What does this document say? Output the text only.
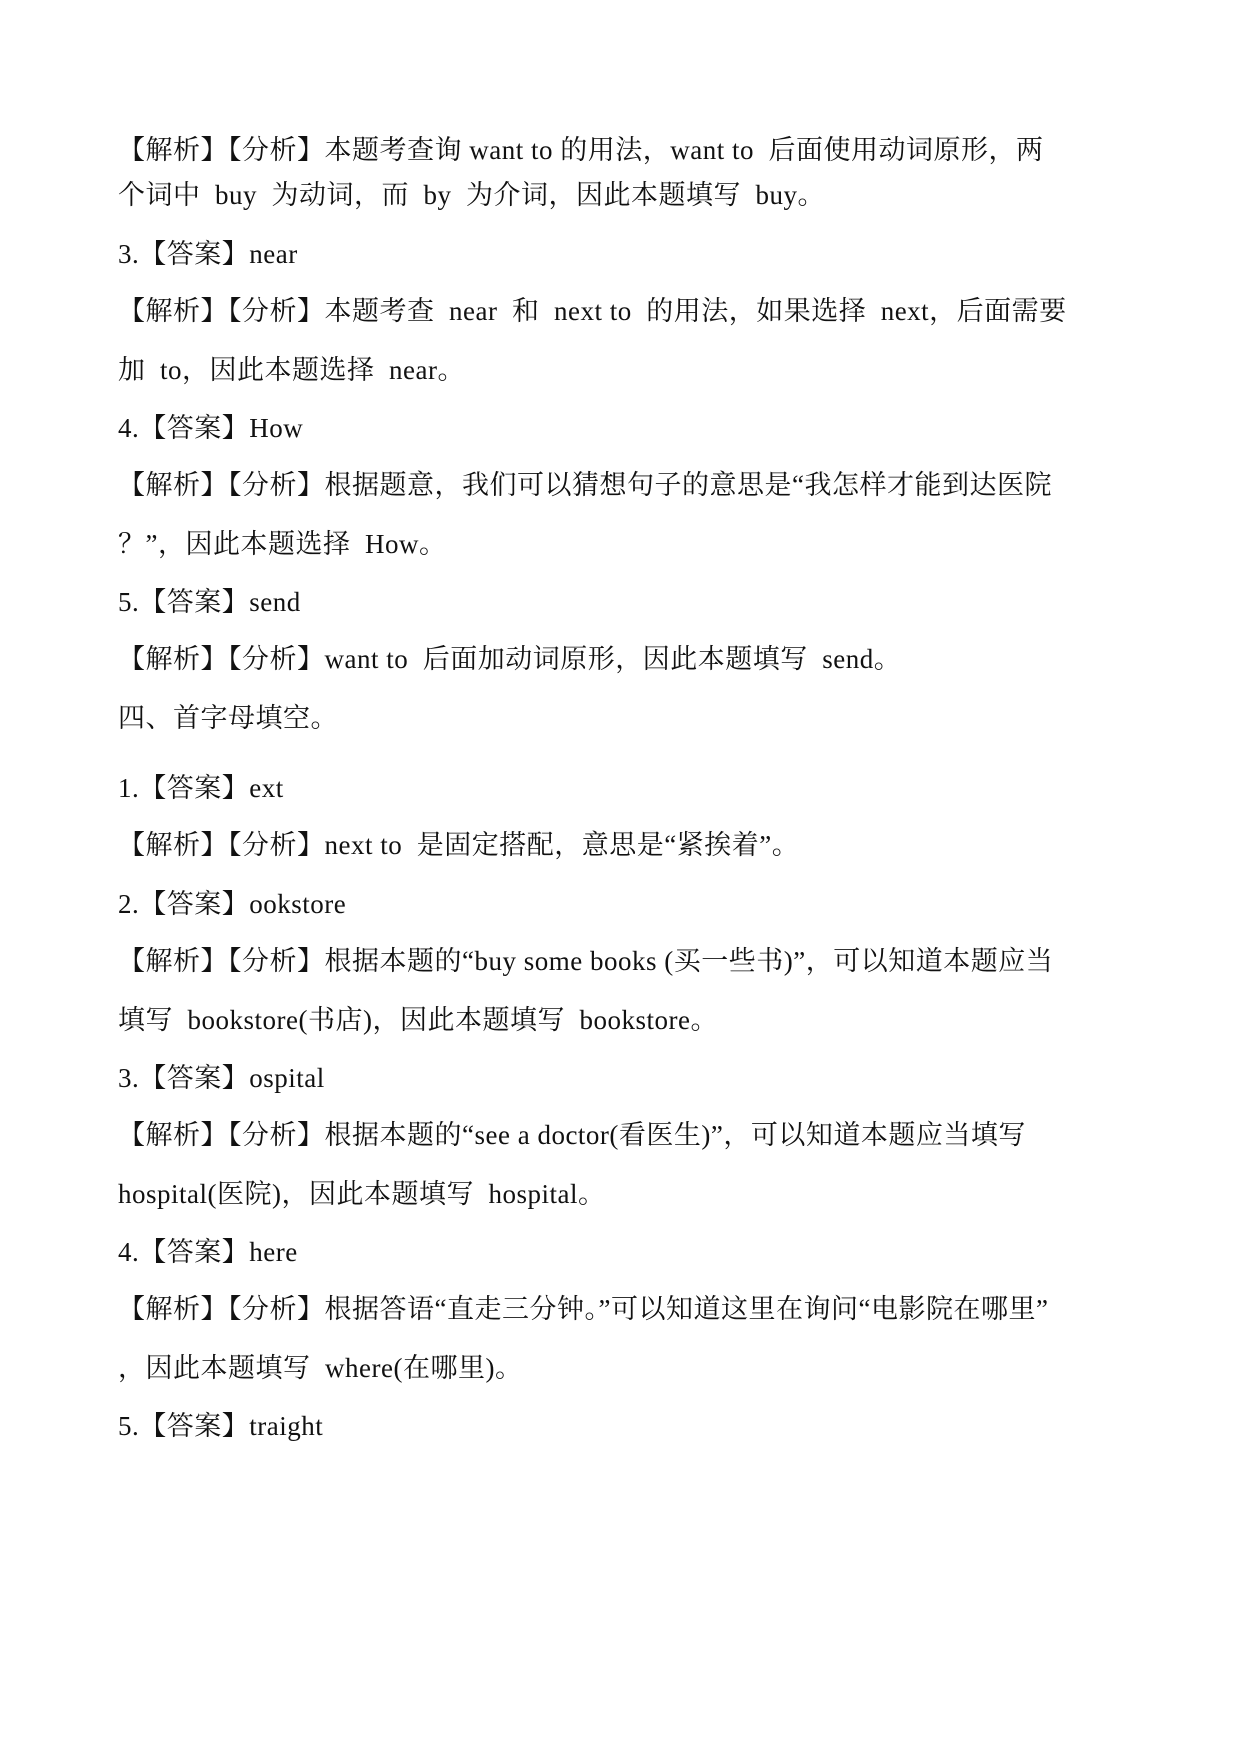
【解析】【分析】本题考查询 want to 的用法，want to  后面使用动词原形，两
个词中  buy  为动词，而  by  为介词，因此本题填写  buy。
3.【答案】near
【解析】【分析】本题考查  near  和  next to  的用法，如果选择  next，后面需要
加  to，因此本题选择  near。
4.【答案】How
【解析】【分析】根据题意，我们可以猜想句子的意思是“我怎样才能到达医院
？”，因此本题选择  How。
5.【答案】send
【解析】【分析】want to  后面加动词原形，因此本题填写  send。
四、首字母填空。
1.【答案】ext
【解析】【分析】next to  是固定搭配，意思是“紧挨着”。
2.【答案】ookstore
【解析】【分析】根据本题的“buy some books (买一些书)”，可以知道本题应当
填写  bookstore(书店)，因此本题填写  bookstore。
3.【答案】ospital
【解析】【分析】根据本题的“see a doctor(看医生)”，可以知道本题应当填写
hospital(医院)，因此本题填写  hospital。
4.【答案】here
【解析】【分析】根据答语“直走三分钟。”可以知道这里在询问“电影院在哪里”
，因此本题填写  where(在哪里)。
5.【答案】traight
